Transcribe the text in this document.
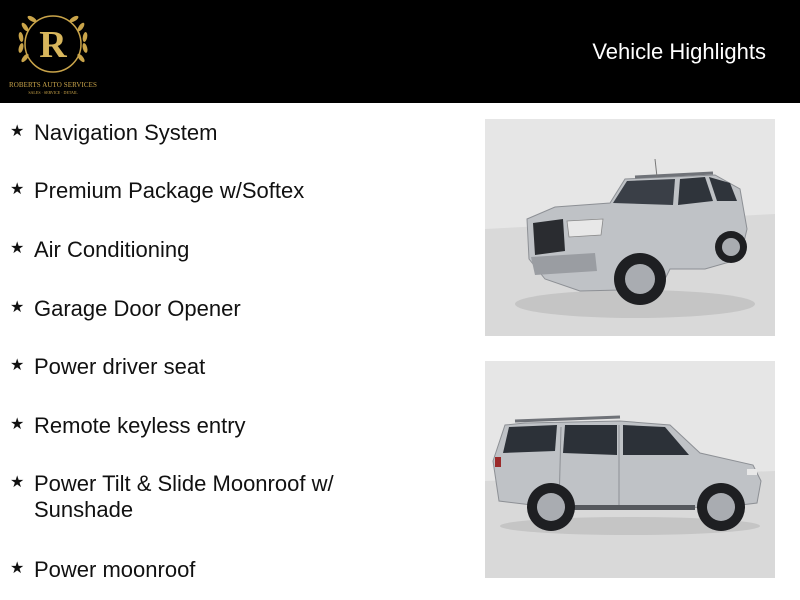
R
ROBERTS AUTO SERVICES
SALES · SERVICE · DETAIL
Vehicle Highlights
★ Navigation System
★ Premium Package w/Softex
★ Air Conditioning
★ Garage Door Opener
★ Power driver seat
★ Remote keyless entry
★ Power Tilt & Slide Moonroof w/ Sunshade
★ Power moonroof
